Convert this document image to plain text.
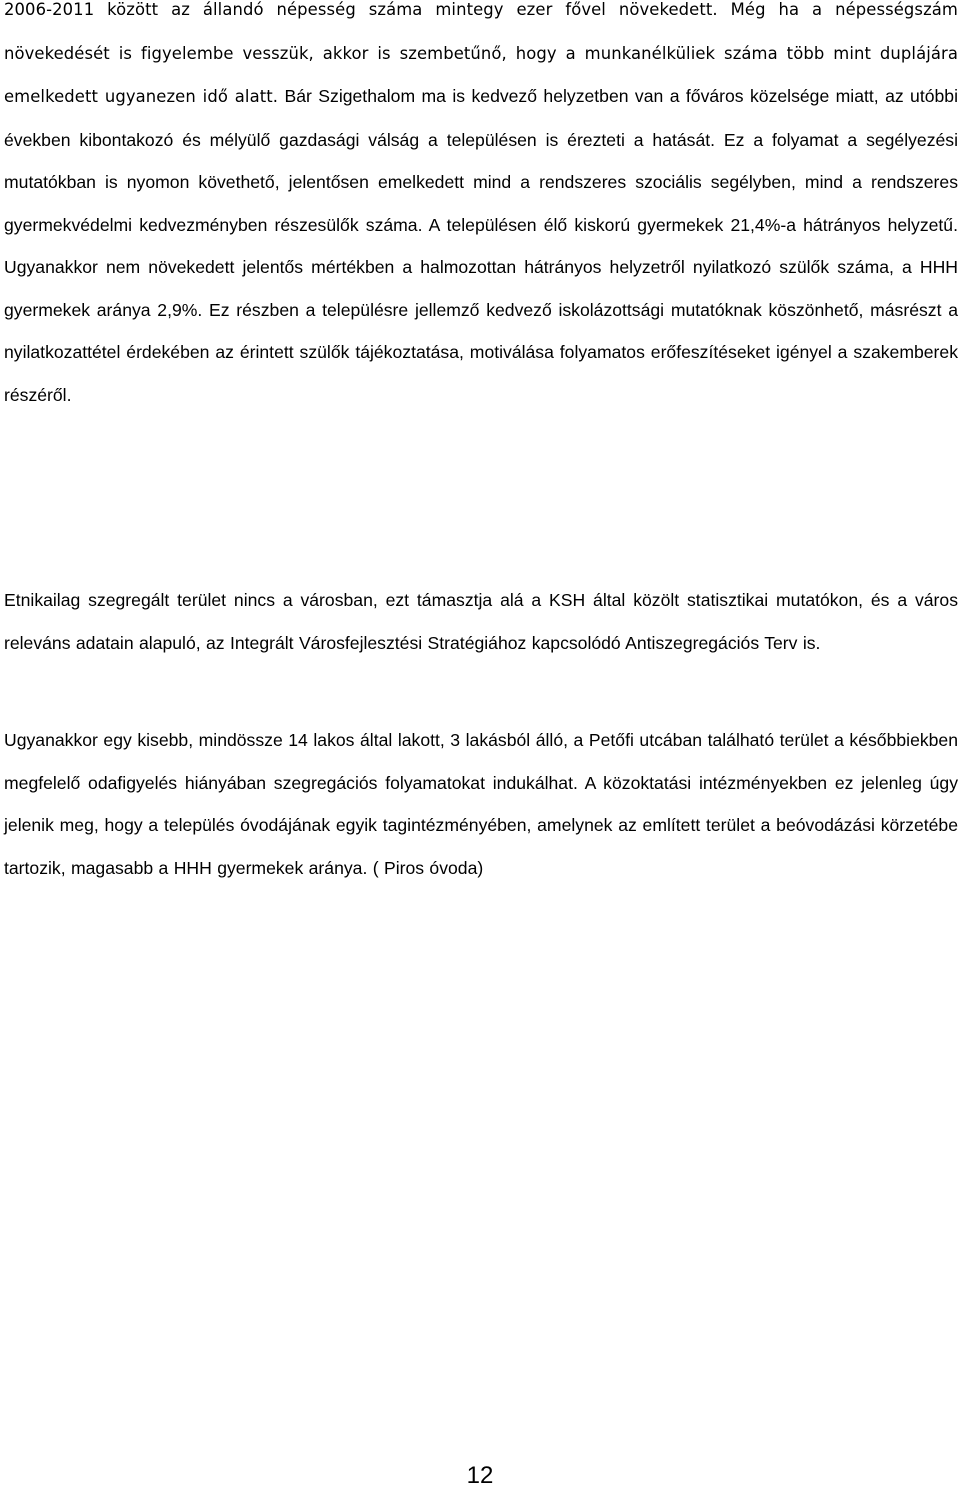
2006-2011 között az állandó népesség száma mintegy ezer fővel növekedett. Még ha a népességszám növekedését is figyelembe vesszük, akkor is szembetűnő, hogy a munkanélküliek száma több mint duplájára emelkedett ugyanezen idő alatt. Bár Szigethalom ma is kedvező helyzetben van a főváros közelsége miatt, az utóbbi években kibontakozó és mélyülő gazdasági válság a településen is érezteti a hatását. Ez a folyamat a segélyezési mutatókban is nyomon követhető, jelentősen emelkedett mind a rendszeres szociális segélyben, mind a rendszeres gyermekvédelmi kedvezményben részesülők száma. A településen élő kiskorú gyermekek 21,4%-a hátrányos helyzetű. Ugyanakkor nem növekedett jelentős mértékben a halmozottan hátrányos helyzetről nyilatkozó szülők száma, a HHH gyermekek aránya 2,9%. Ez részben a településre jellemző kedvező iskolázottsági mutatóknak köszönhető, másrészt a nyilatkozattétel érdekében az érintett szülők tájékoztatása, motiválása folyamatos erőfeszítéseket igényel a szakemberek részéről.

Etnikailag szegregált terület nincs a városban, ezt támasztja alá a KSH által közölt statisztikai mutatókon, és a város releváns adatain alapuló, az Integrált Városfejlesztési Stratégiához kapcsolódó Antiszegregációs Terv is.

Ugyanakkor egy kisebb, mindössze 14 lakos által lakott, 3 lakásból álló, a Petőfi utcában található terület a későbbiekben megfelelő odafigyelés hiányában szegregációs folyamatokat indukálhat. A közoktatási intézményekben ez jelenleg úgy jelenik meg, hogy a település óvodájának egyik tagintézményében, amelynek az említett terület a beóvodázási körzetébe tartozik, magasabb a HHH gyermekek aránya. ( Piros óvoda)

12
